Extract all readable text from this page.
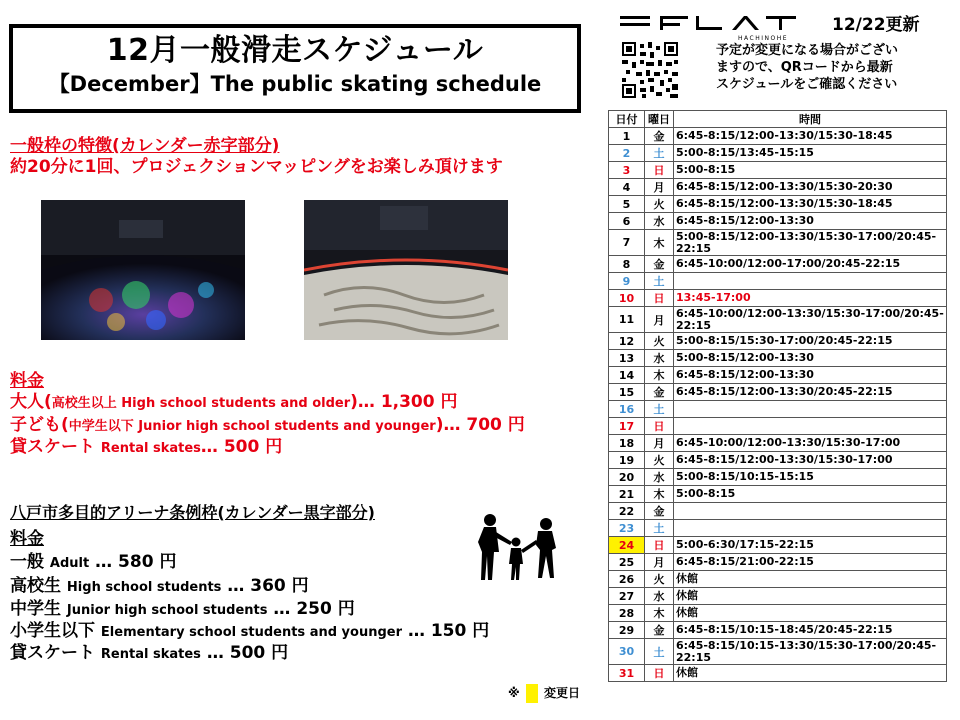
12月一般滑走スケジュール
【December】The public skating schedule
一般枠の特徴(カレンダー赤字部分)
約20分に1回、プロジェクションマッピングをお楽しみ頂けます
料金
大人(高校生以上 High school students and older)… 1,300 円
子ども(中学生以下 Junior high school students and younger)… 700 円
貸スケート Rental skates… 500 円
八戸市多目的アリーナ条例枠(カレンダー黒字部分)
料金
一般 Adult … 580 円
高校生 High school students … 360 円
中学生 Junior high school students … 250 円
小学生以下 Elementary school students and younger … 150 円
貸スケート Rental skates … 500 円
※ 変更日
HACHINOHE
12/22更新
予定が変更になる場合がござい
ますので、QRコードから最新
スケジュールをご確認ください
日付	曜日	時間
1	金	6:45-8:15/12:00-13:30/15:30-18:45
2	土	5:00-8:15/13:45-15:15
3	日	5:00-8:15
4	月	6:45-8:15/12:00-13:30/15:30-20:30
5	火	6:45-8:15/12:00-13:30/15:30-18:45
6	水	6:45-8:15/12:00-13:30
7	木	5:00-8:15/12:00-13:30/15:30-17:00/20:45-22:15
8	金	6:45-10:00/12:00-17:00/20:45-22:15
9	土	
10	日	13:45-17:00
11	月	6:45-10:00/12:00-13:30/15:30-17:00/20:45-22:15
12	火	5:00-8:15/15:30-17:00/20:45-22:15
13	水	5:00-8:15/12:00-13:30
14	木	6:45-8:15/12:00-13:30
15	金	6:45-8:15/12:00-13:30/20:45-22:15
16	土	
17	日	
18	月	6:45-10:00/12:00-13:30/15:30-17:00
19	火	6:45-8:15/12:00-13:30/15:30-17:00
20	水	5:00-8:15/10:15-15:15
21	木	5:00-8:15
22	金	
23	土	
24	日	5:00-6:30/17:15-22:15
25	月	6:45-8:15/21:00-22:15
26	火	休館
27	水	休館
28	木	休館
29	金	6:45-8:15/10:15-18:45/20:45-22:15
30	土	6:45-8:15/10:15-13:30/15:30-17:00/20:45-22:15
31	日	休館
